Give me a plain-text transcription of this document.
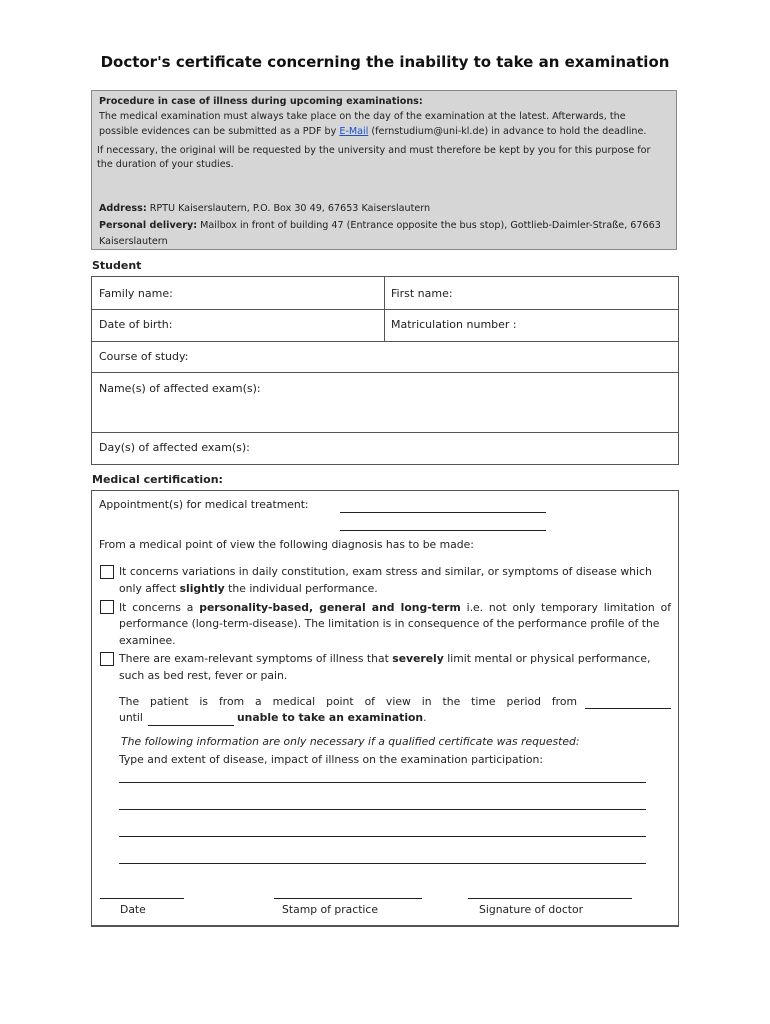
Doctor's certificate concerning the inability to take an examination
Procedure in case of illness during upcoming examinations:
The medical examination must always take place on the day of the examination at the latest. Afterwards, the
possible evidences can be submitted as a PDF by E-Mail (fernstudium@uni-kl.de) in advance to hold the deadline.
If necessary, the original will be requested by the university and must therefore be kept by you for this purpose for
the duration of your studies.
Address: RPTU Kaiserslautern, P.O. Box 30 49, 67653 Kaiserslautern
Personal delivery: Mailbox in front of building 47 (Entrance opposite the bus stop), Gottlieb-Daimler-Straße, 67663
Kaiserslautern
Student
Family name:	First name:
Date of birth:	Matriculation number :
Course of study:
Name(s) of affected exam(s):
Day(s) of affected exam(s):
Medical certification:
Appointment(s) for medical treatment:
From a medical point of view the following diagnosis has to be made:
It concerns variations in daily constitution, exam stress and similar, or symptoms of disease which
only affect slightly the individual performance.
It concerns a personality-based, general and long-term i.e. not only temporary limitation of
performance (long-term-disease). The limitation is in consequence of the performance profile of the
examinee.
There are exam-relevant symptoms of illness that severely limit mental or physical performance,
such as bed rest, fever or pain.
The patient is from a medical point of view in the time period from
until	unable to take an examination.
The following information are only necessary if a qualified certificate was requested:
Type and extent of disease, impact of illness on the examination participation:
Date	Stamp of practice	Signature of doctor
